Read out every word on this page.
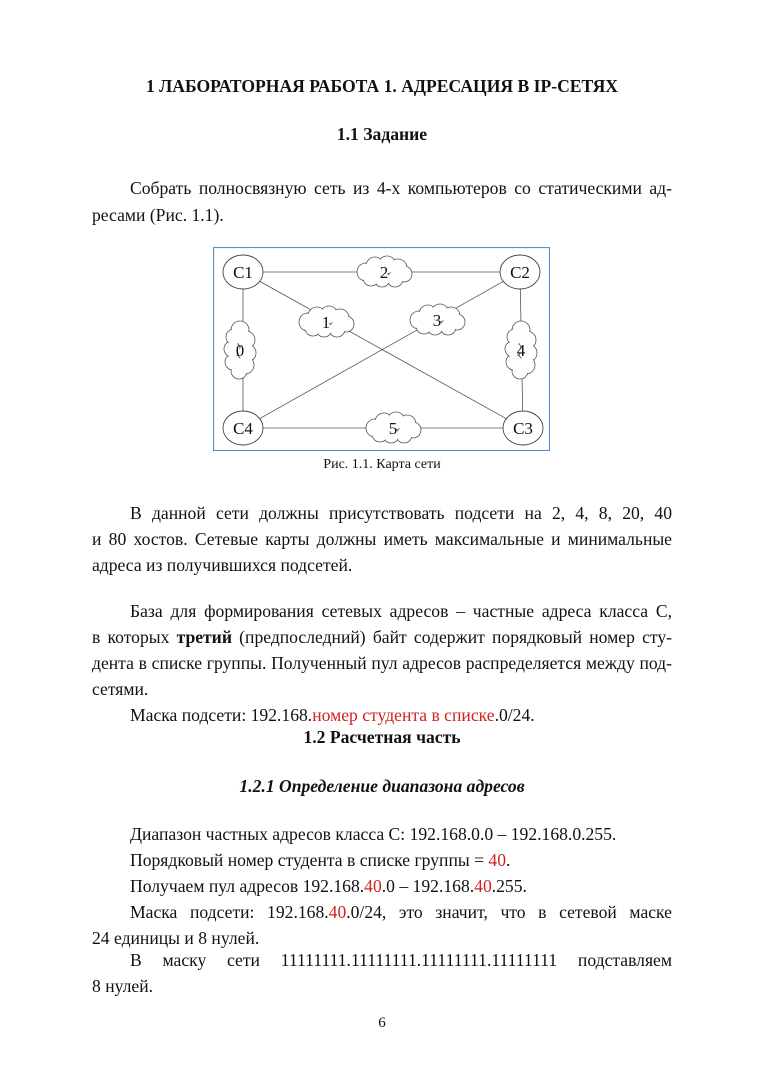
1 ЛАБОРАТОРНАЯ РАБОТА 1. АДРЕСАЦИЯ В IP-СЕТЯХ
1.1 Задание
Собрать полносвязную сеть из 4-х компьютеров со статическими ад-
ресами (Рис. 1.1).
0
1
2
3
4
5
C1	C2
C3
C4
Рис. 1.1. Карта сети
В данной сети должны присутствовать подсети на 2, 4, 8, 20, 40
и 80 хостов. Сетевые карты должны иметь максимальные и минимальные
адреса из получившихся подсетей.
База для формирования сетевых адресов – частные адреса класса С,
в которых третий (предпоследний) байт содержит порядковый номер сту-
дента в списке группы. Полученный пул адресов распределяется между под-
сетями.
Маска подсети: 192.168.номер студента в списке.0/24.
1.2 Расчетная часть
1.2.1 Определение диапазона адресов
Диапазон частных адресов класса С: 192.168.0.0 – 192.168.0.255.
Порядковый номер студента в списке группы = 40.
Получаем пул адресов 192.168.40.0 – 192.168.40.255.
Маска подсети: 192.168.40.0/24, это значит, что в сетевой маске
24 единицы и 8 нулей.
В маску сети 11111111.11111111.11111111.11111111 подставляем
8 нулей.
6
